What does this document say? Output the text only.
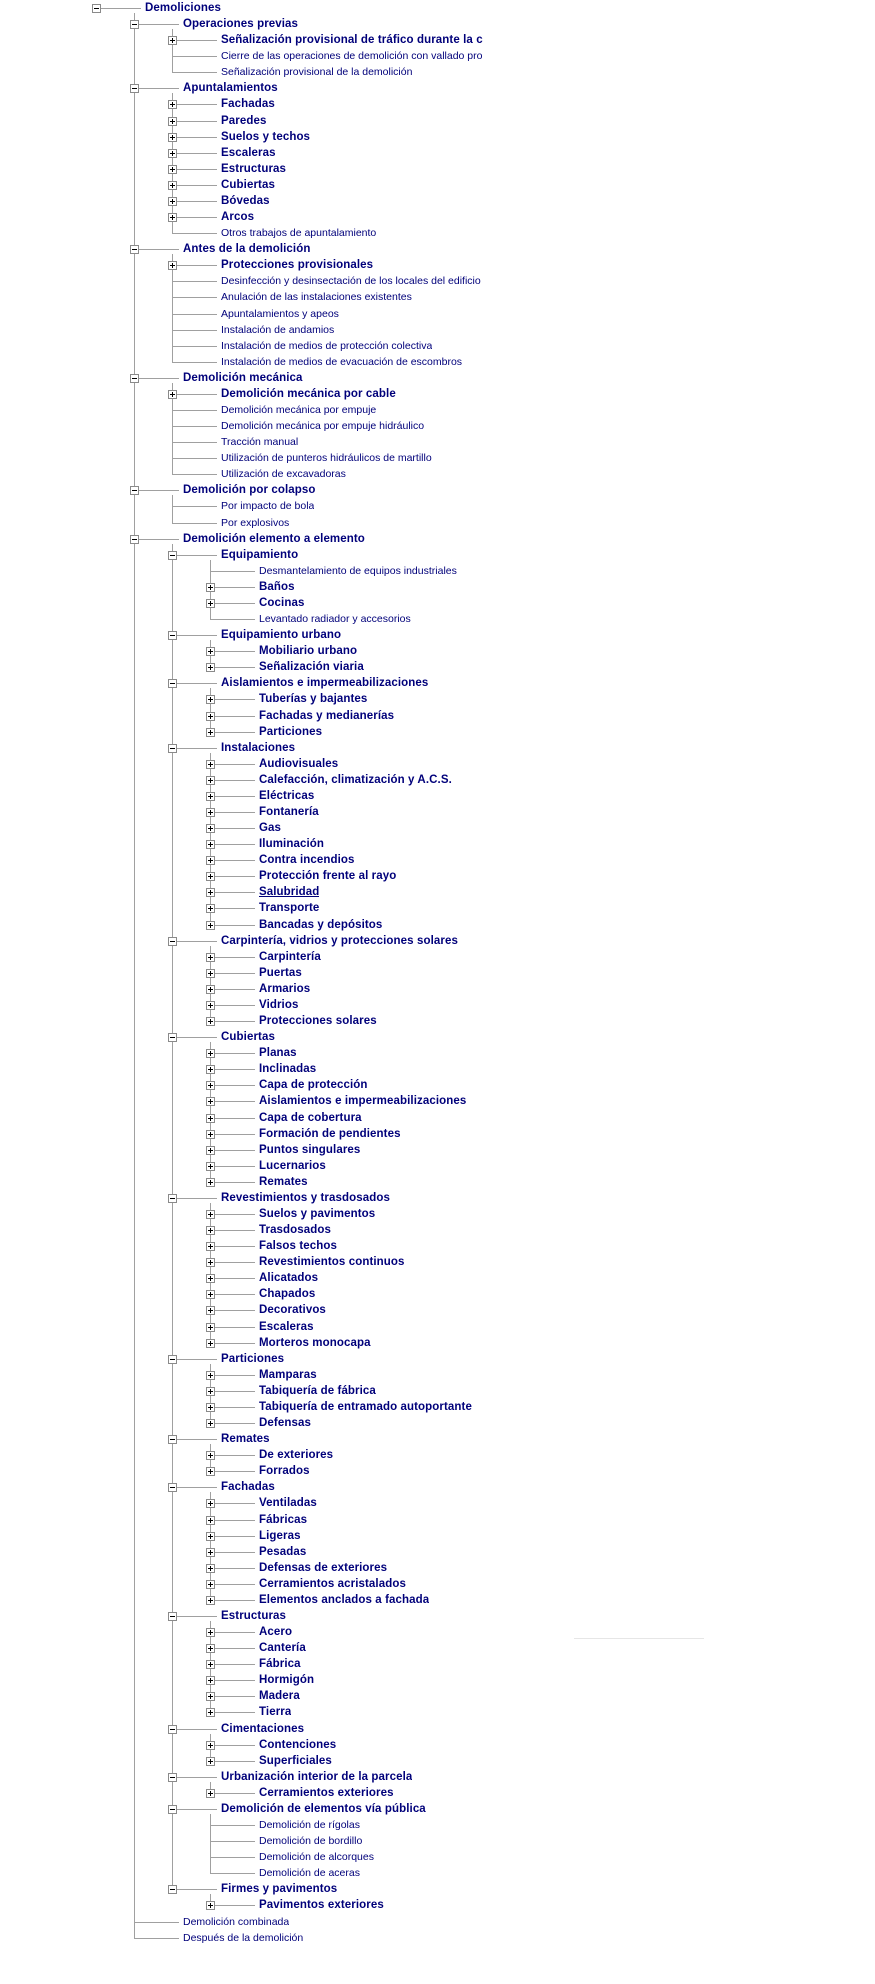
Demoliciones
Operaciones previas
Señalización provisional de tráfico durante la c
Cierre de las operaciones de demolición con vallado pro
Señalización provisional de la demolición
Apuntalamientos
Fachadas
Paredes
Suelos y techos
Escaleras
Estructuras
Cubiertas
Bóvedas
Arcos
Otros trabajos de apuntalamiento
Antes de la demolición
Protecciones provisionales
Desinfección y desinsectación de los locales del edificio
Anulación de las instalaciones existentes
Apuntalamientos y apeos
Instalación de andamios
Instalación de medios de protección colectiva
Instalación de medios de evacuación de escombros
Demolición mecánica
Demolición mecánica por cable
Demolición mecánica por empuje
Demolición mecánica por empuje hidráulico
Tracción manual
Utilización de punteros hidráulicos de martillo
Utilización de excavadoras
Demolición por colapso
Por impacto de bola
Por explosivos
Demolición elemento a elemento
Equipamiento
Desmantelamiento de equipos industriales
Baños
Cocinas
Levantado radiador y accesorios
Equipamiento urbano
Mobiliario urbano
Señalización viaria
Aislamientos e impermeabilizaciones
Tuberías y bajantes
Fachadas y medianerías
Particiones
Instalaciones
Audiovisuales
Calefacción, climatización y A.C.S.
Eléctricas
Fontanería
Gas
Iluminación
Contra incendios
Protección frente al rayo
Salubridad
Transporte
Bancadas y depósitos
Carpintería, vidrios y protecciones solares
Carpintería
Puertas
Armarios
Vidrios
Protecciones solares
Cubiertas
Planas
Inclinadas
Capa de protección
Aislamientos e impermeabilizaciones
Capa de cobertura
Formación de pendientes
Puntos singulares
Lucernarios
Remates
Revestimientos y trasdosados
Suelos y pavimentos
Trasdosados
Falsos techos
Revestimientos continuos
Alicatados
Chapados
Decorativos
Escaleras
Morteros monocapa
Particiones
Mamparas
Tabiquería de fábrica
Tabiquería de entramado autoportante
Defensas
Remates
De exteriores
Forrados
Fachadas
Ventiladas
Fábricas
Ligeras
Pesadas
Defensas de exteriores
Cerramientos acristalados
Elementos anclados a fachada
Estructuras
Acero
Cantería
Fábrica
Hormigón
Madera
Tierra
Cimentaciones
Contenciones
Superficiales
Urbanización interior de la parcela
Cerramientos exteriores
Demolición de elementos vía pública
Demolición de rígolas
Demolición de bordillo
Demolición de alcorques
Demolición de aceras
Firmes y pavimentos
Pavimentos exteriores
Demolición combinada
Después de la demolición
